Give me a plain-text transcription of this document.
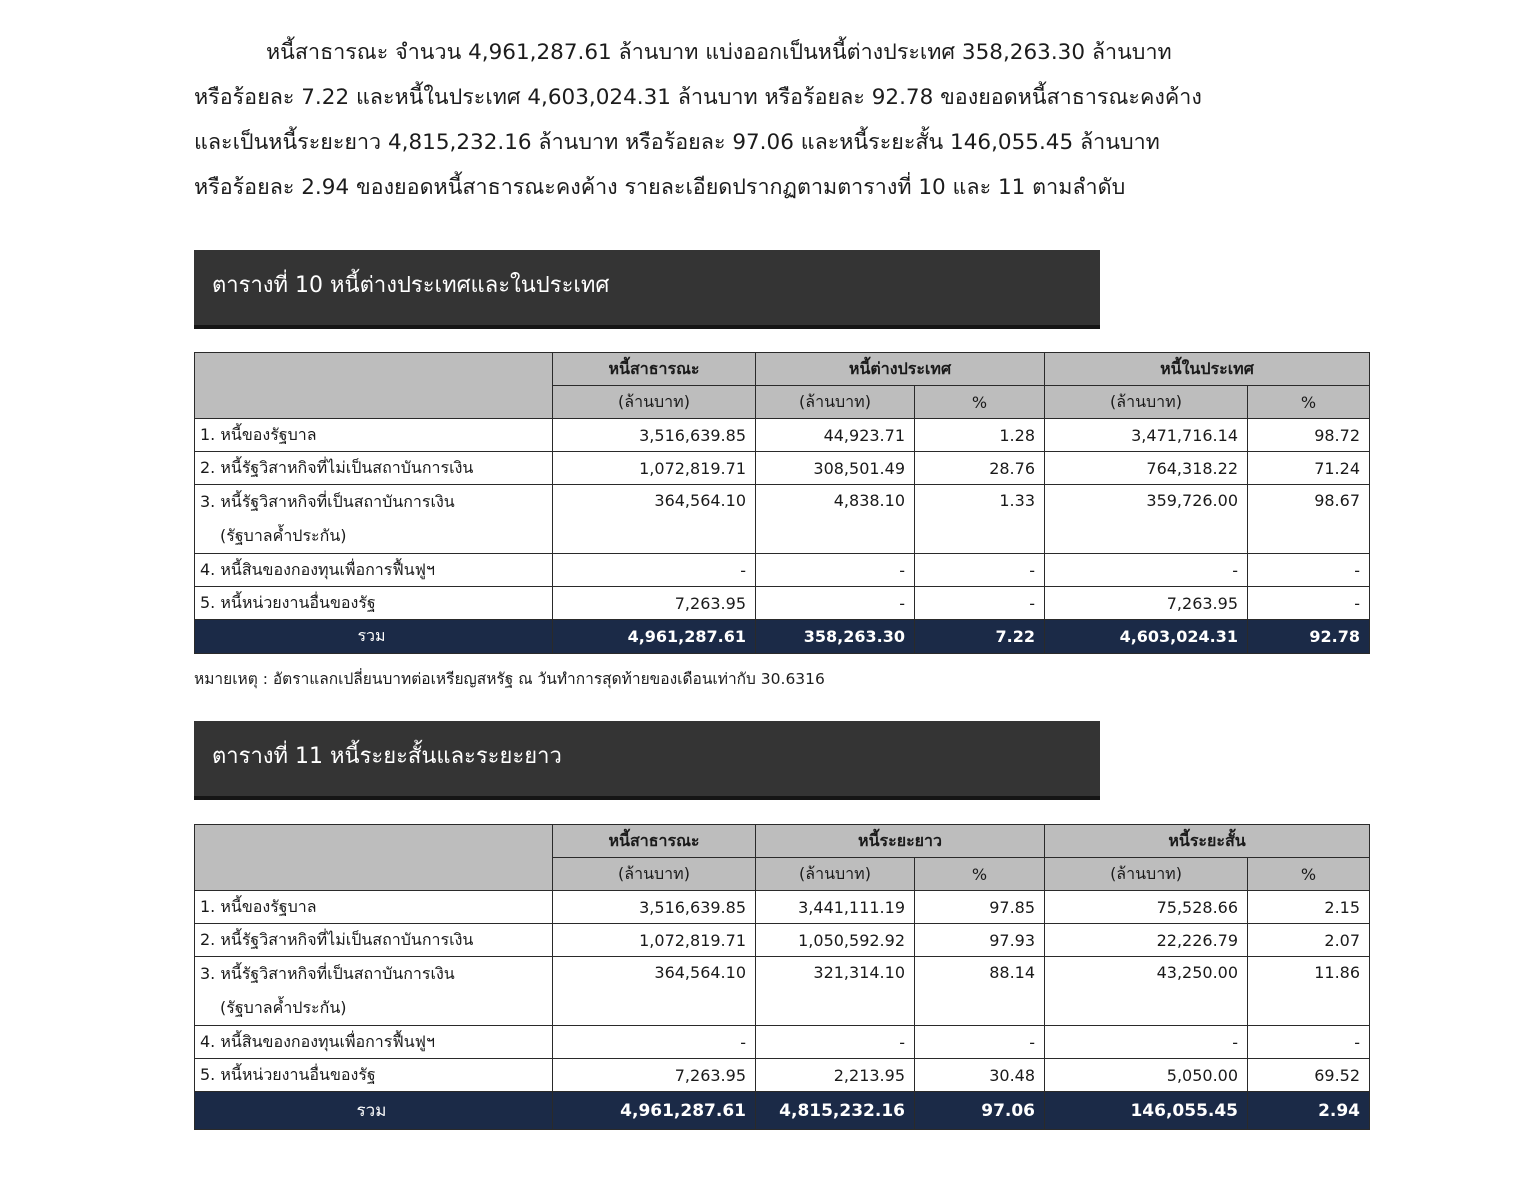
หนี้สาธารณะ จำนวน 4,961,287.61 ล้านบาท แบ่งออกเป็นหนี้ต่างประเทศ 358,263.30 ล้านบาท
หรือร้อยละ 7.22 และหนี้ในประเทศ 4,603,024.31 ล้านบาท หรือร้อยละ 92.78 ของยอดหนี้สาธารณะคงค้าง
และเป็นหนี้ระยะยาว 4,815,232.16 ล้านบาท หรือร้อยละ 97.06 และหนี้ระยะสั้น 146,055.45 ล้านบาท
หรือร้อยละ 2.94 ของยอดหนี้สาธารณะคงค้าง รายละเอียดปรากฏตามตารางที่ 10 และ 11 ตามลำดับ
ตารางที่ 10 หนี้ต่างประเทศและในประเทศ
	หนี้สาธารณะ	หนี้ต่างประเทศ		หนี้ในประเทศ	
	(ล้านบาท)	(ล้านบาท)	%	(ล้านบาท)	%
1. หนี้ของรัฐบาล	3,516,639.85	44,923.71	1.28	3,471,716.14	98.72
2. หนี้รัฐวิสาหกิจที่ไม่เป็นสถาบันการเงิน	1,072,819.71	308,501.49	28.76	764,318.22	71.24
3. หนี้รัฐวิสาหกิจที่เป็นสถาบันการเงิน
(รัฐบาลค้ำประกัน)	364,564.10	4,838.10	1.33	359,726.00	98.67
4. หนี้สินของกองทุนเพื่อการฟื้นฟูฯ	-	-	-	-	-
5. หนี้หน่วยงานอื่นของรัฐ	7,263.95	-	-	7,263.95	-
รวม	4,961,287.61	358,263.30	7.22	4,603,024.31	92.78
หมายเหตุ : อัตราแลกเปลี่ยนบาทต่อเหรียญสหรัฐ ณ วันทำการสุดท้ายของเดือนเท่ากับ 30.6316
ตารางที่ 11 หนี้ระยะสั้นและระยะยาว
	หนี้สาธารณะ	หนี้ระยะยาว		หนี้ระยะสั้น	
	(ล้านบาท)	(ล้านบาท)	%	(ล้านบาท)	%
1. หนี้ของรัฐบาล	3,516,639.85	3,441,111.19	97.85	75,528.66	2.15
2. หนี้รัฐวิสาหกิจที่ไม่เป็นสถาบันการเงิน	1,072,819.71	1,050,592.92	97.93	22,226.79	2.07
3. หนี้รัฐวิสาหกิจที่เป็นสถาบันการเงิน
(รัฐบาลค้ำประกัน)	364,564.10	321,314.10	88.14	43,250.00	11.86
4. หนี้สินของกองทุนเพื่อการฟื้นฟูฯ	-	-	-	-	-
5. หนี้หน่วยงานอื่นของรัฐ	7,263.95	2,213.95	30.48	5,050.00	69.52
รวม	4,961,287.61	4,815,232.16	97.06	146,055.45	2.94
